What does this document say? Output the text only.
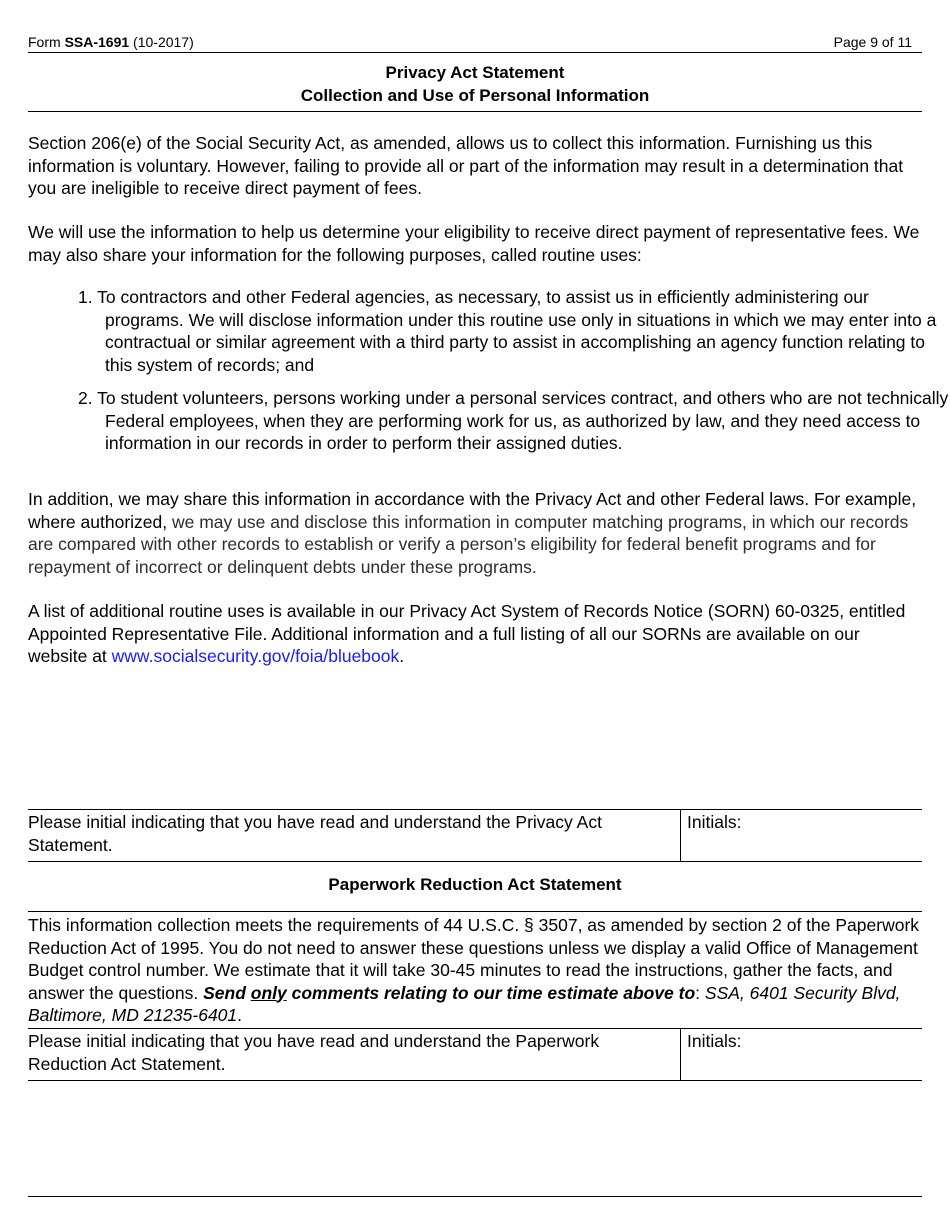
Form SSA-1691 (10-2017)	Page 9 of 11
Privacy Act Statement
Collection and Use of Personal Information

Section 206(e) of the Social Security Act, as amended, allows us to collect this information. Furnishing us this information is voluntary. However, failing to provide all or part of the information may result in a determination that you are ineligible to receive direct payment of fees.

We will use the information to help us determine your eligibility to receive direct payment of representative fees. We may also share your information for the following purposes, called routine uses:

1. To contractors and other Federal agencies, as necessary, to assist us in efficiently administering our programs. We will disclose information under this routine use only in situations in which we may enter into a contractual or similar agreement with a third party to assist in accomplishing an agency function relating to this system of records; and
2. To student volunteers, persons working under a personal services contract, and others who are not technically Federal employees, when they are performing work for us, as authorized by law, and they need access to information in our records in order to perform their assigned duties.

In addition, we may share this information in accordance with the Privacy Act and other Federal laws. For example, where authorized, we may use and disclose this information in computer matching programs, in which our records are compared with other records to establish or verify a person’s eligibility for federal benefit programs and for repayment of incorrect or delinquent debts under these programs.

A list of additional routine uses is available in our Privacy Act System of Records Notice (SORN) 60-0325, entitled Appointed Representative File. Additional information and a full listing of all our SORNs are available on our website at www.socialsecurity.gov/foia/bluebook.

Please initial indicating that you have read and understand the Privacy Act Statement.
Initials:
Paperwork Reduction Act Statement
This information collection meets the requirements of 44 U.S.C. § 3507, as amended by section 2 of the Paperwork Reduction Act of 1995. You do not need to answer these questions unless we display a valid Office of Management Budget control number. We estimate that it will take 30-45 minutes to read the instructions, gather the facts, and answer the questions. Send only comments relating to our time estimate above to: SSA, 6401 Security Blvd, Baltimore, MD 21235-6401.
Please initial indicating that you have read and understand the Paperwork Reduction Act Statement.
Initials:
